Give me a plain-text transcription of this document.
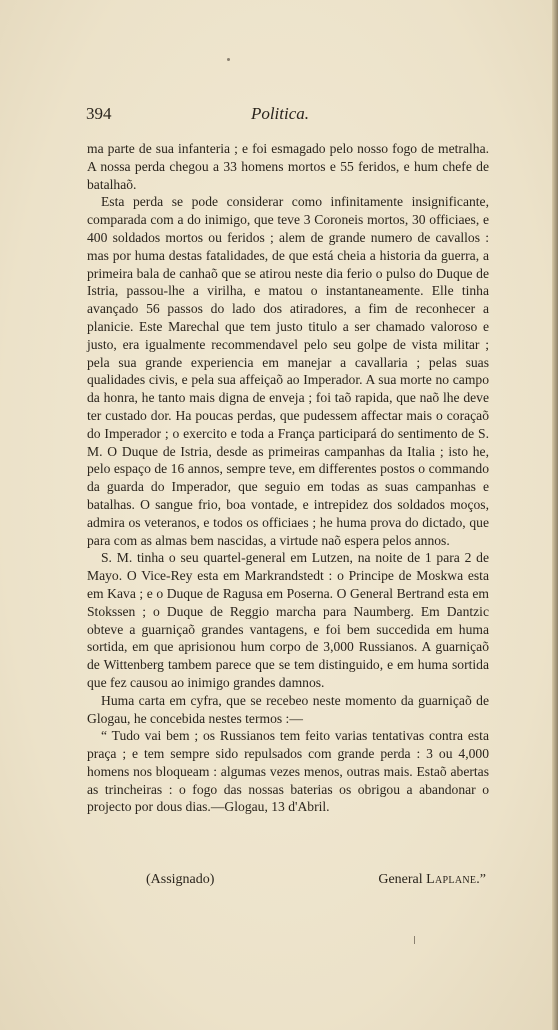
394	Politica.

ma parte de sua infanteria ; e foi esmagado pelo nosso fogo de metralha. A nossa perda chegou a 33 homens mortos e 55 feridos, e hum chefe de batalhaõ.

Esta perda se pode considerar como infinitamente insignificante, comparada com a do inimigo, que teve 3 Coroneis mortos, 30 officiaes, e 400 soldados mortos ou feridos ; alem de grande numero de cavallos : mas por huma destas fatalidades, de que está cheia a historia da guerra, a primeira bala de canhaõ que se atirou neste dia ferio o pulso do Duque de Istria, passou-lhe a virilha, e matou o instantaneamente. Elle tinha avançado 56 passos do lado dos atiradores, a fim de reconhecer a planicie. Este Marechal que tem justo titulo a ser chamado valoroso e justo, era igualmente recommendavel pelo seu golpe de vista militar ; pela sua grande experiencia em manejar a cavallaria ; pelas suas qualidades civis, e pela sua affeiçaõ ao Imperador. A sua morte no campo da honra, he tanto mais digna de enveja ; foi taõ rapida, que naõ lhe deve ter custado dor. Ha poucas perdas, que pudessem affectar mais o coraçaõ do Imperador ; o exercito e toda a França participará do sentimento de S. M. O Duque de Istria, desde as primeiras campanhas da Italia ; isto he, pelo espaço de 16 annos, sempre teve, em differentes postos o commando da guarda do Imperador, que seguio em todas as suas campanhas e batalhas. O sangue frio, boa vontade, e intrepidez dos soldados moços, admira os veteranos, e todos os officiaes ; he huma prova do dictado, que para com as almas bem nascidas, a virtude naõ espera pelos annos.

S. M. tinha o seu quartel-general em Lutzen, na noite de 1 para 2 de Mayo. O Vice-Rey esta em Markrandstedt : o Principe de Moskwa esta em Kava ; e o Duque de Ragusa em Poserna. O General Bertrand esta em Stokssen ; o Duque de Reggio marcha para Naumberg. Em Dantzic obteve a guarniçaõ grandes vantagens, e foi bem succedida em huma sortida, em que aprisionou hum corpo de 3,000 Russianos. A guarniçaõ de Wittenberg tambem parece que se tem distinguido, e em huma sortida que fez causou ao inimigo grandes damnos.

Huma carta em cyfra, que se recebeo neste momento da guarniçaõ de Glogau, he concebida nestes termos :—

“ Tudo vai bem ; os Russianos tem feito varias tentativas contra esta praça ; e tem sempre sido repulsados com grande perda : 3 ou 4,000 homens nos bloqueam : algumas vezes menos, outras mais. Estaõ abertas as trincheiras : o fogo das nossas baterias os obrigou a abandonar o projecto por dous dias.—Glogau, 13 d'Abril.

(Assignado)	General Laplane.”
